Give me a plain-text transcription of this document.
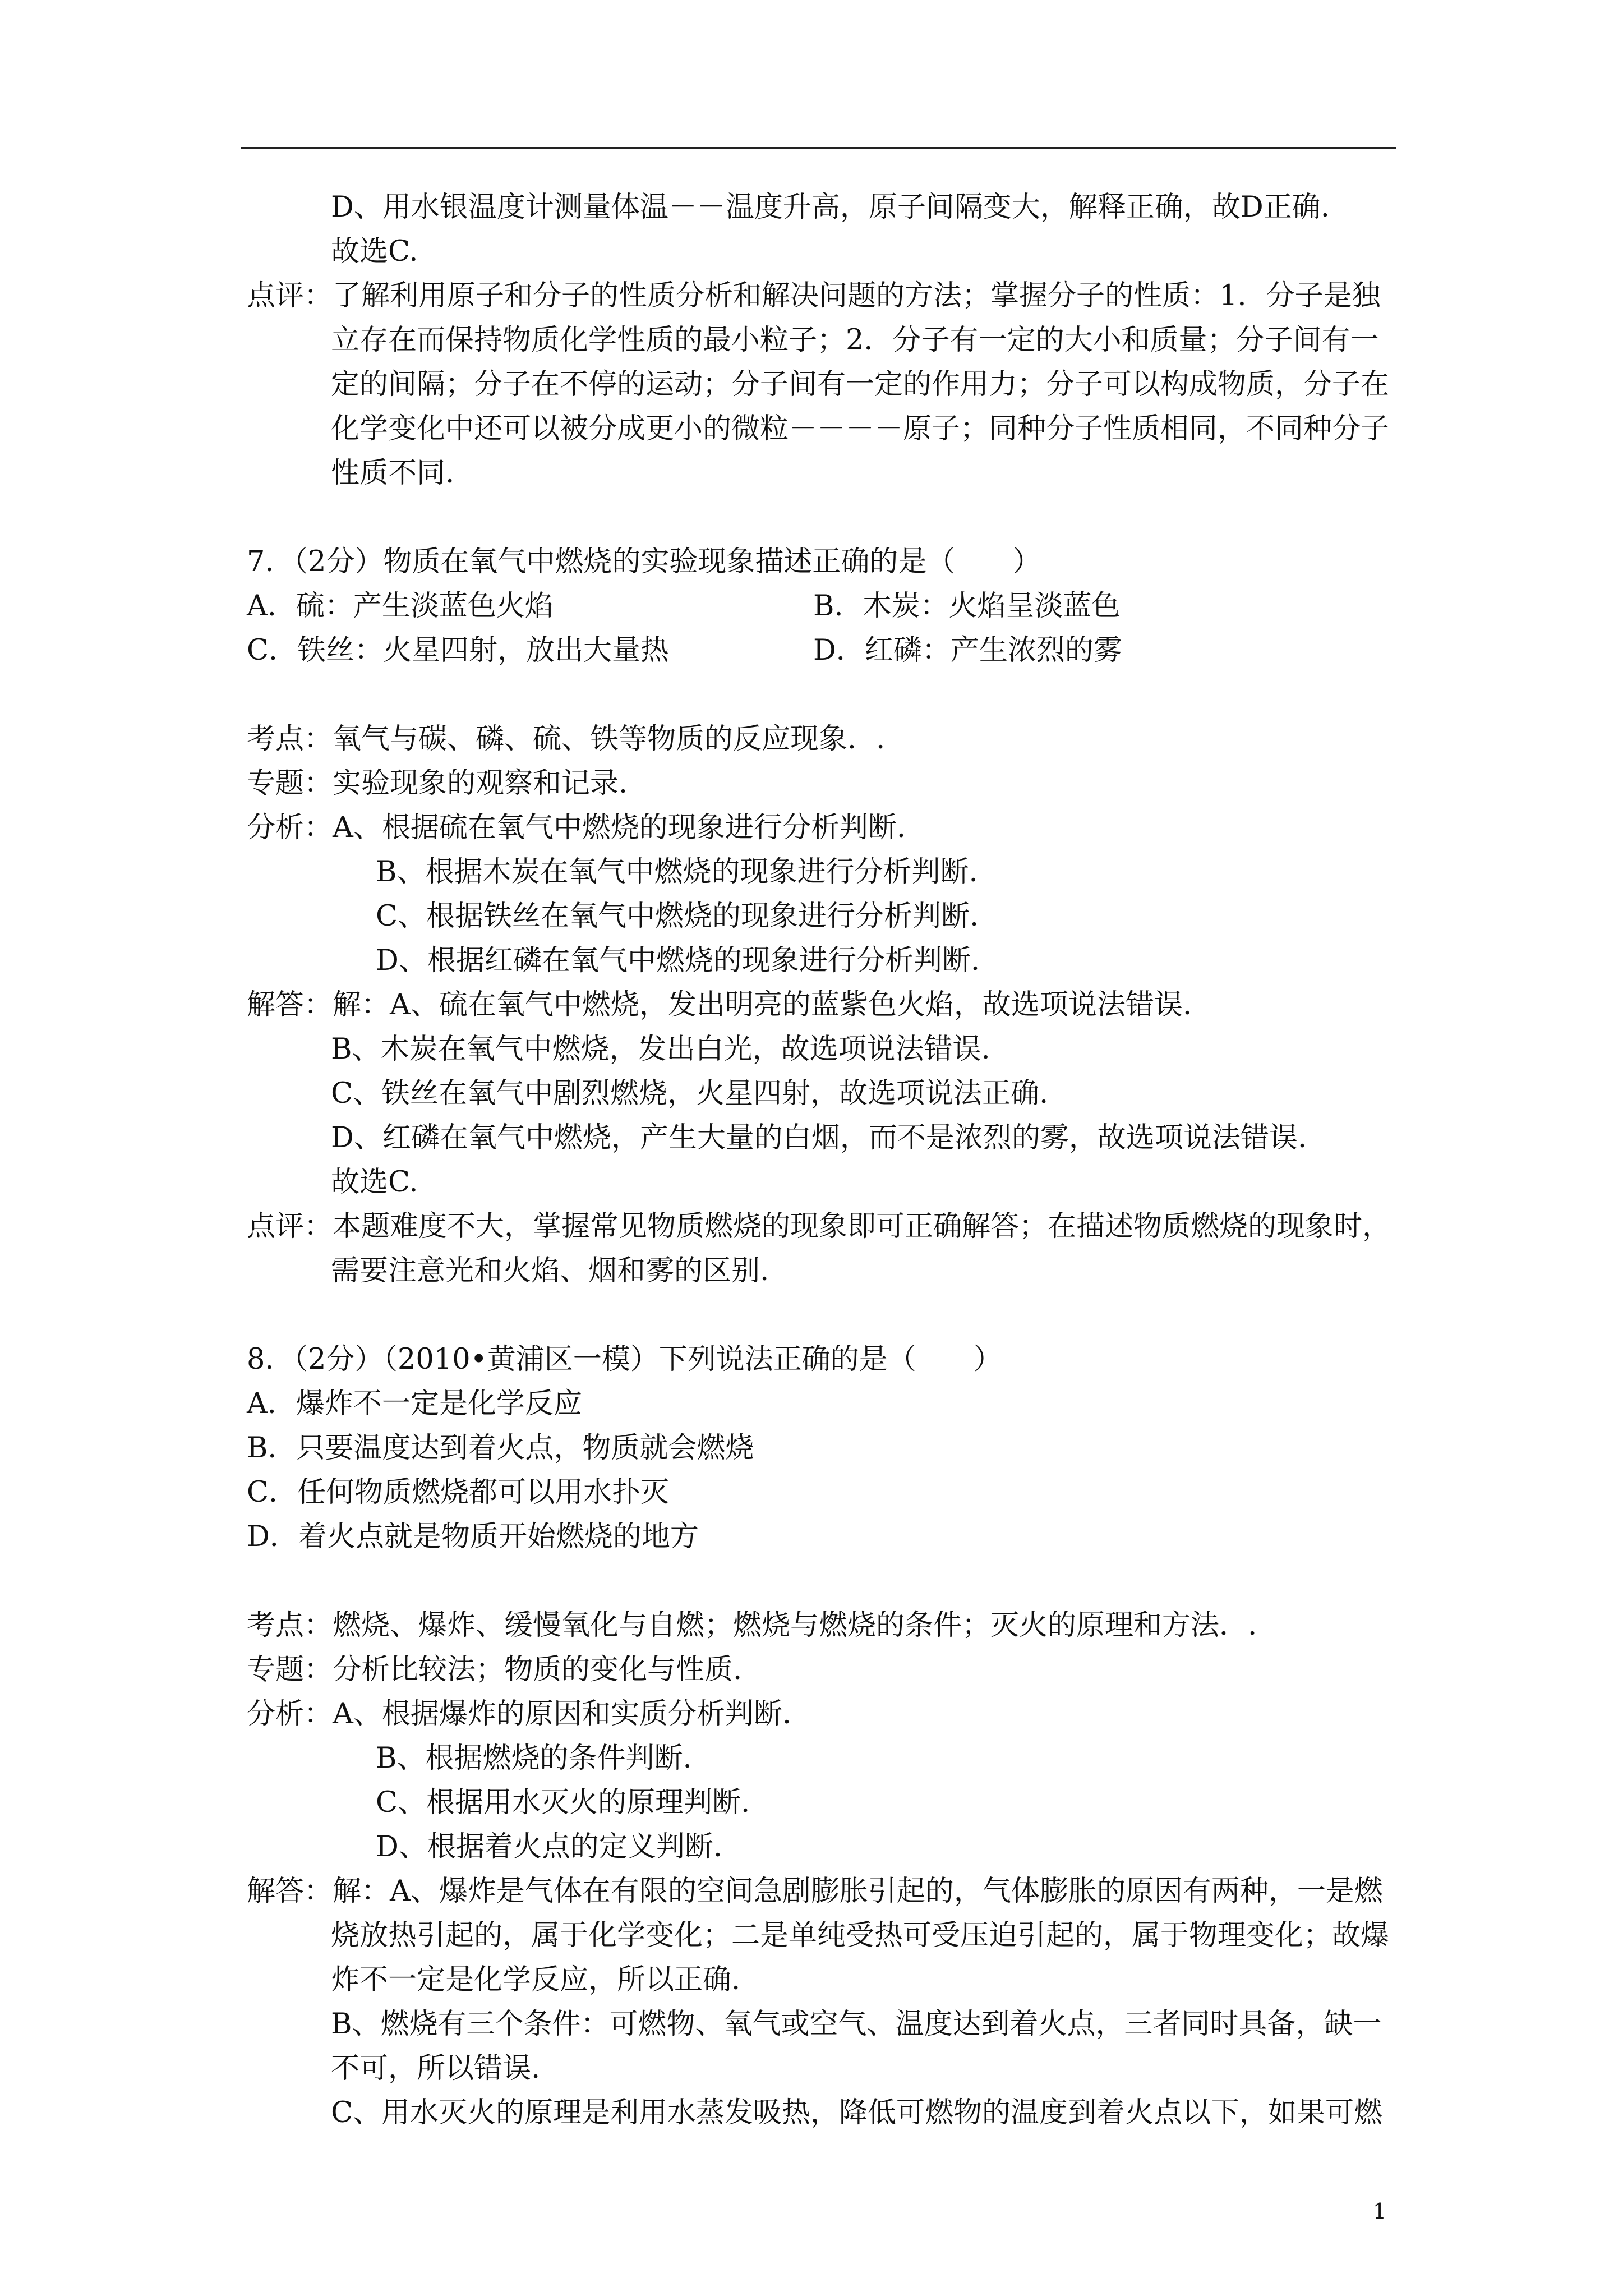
D、用水银温度计测量体温－－温度升高，原子间隔变大，解释正确，故D正确.

故选C.

点评：了解利用原子和分子的性质分析和解决问题的方法；掌握分子的性质：1．分子是独立存在而保持物质化学性质的最小粒子；2．分子有一定的大小和质量；分子间有一定的间隔；分子在不停的运动；分子间有一定的作用力；分子可以构成物质，分子在化学变化中还可以被分成更小的微粒－－－－原子；同种分子性质相同，不同种分子性质不同.

7．（2分）物质在氧气中燃烧的实验现象描述正确的是（　　）

A．硫：产生淡蓝色火焰	B．木炭：火焰呈淡蓝色
C．铁丝：火星四射，放出大量热	D．红磷：产生浓烈的雾

考点：氧气与碳、磷、硫、铁等物质的反应现象．.

专题：实验现象的观察和记录.

分析：A、根据硫在氧气中燃烧的现象进行分析判断.

B、根据木炭在氧气中燃烧的现象进行分析判断.

C、根据铁丝在氧气中燃烧的现象进行分析判断.

D、根据红磷在氧气中燃烧的现象进行分析判断.

解答：解：A、硫在氧气中燃烧，发出明亮的蓝紫色火焰，故选项说法错误.

B、木炭在氧气中燃烧，发出白光，故选项说法错误.

C、铁丝在氧气中剧烈燃烧，火星四射，故选项说法正确.

D、红磷在氧气中燃烧，产生大量的白烟，而不是浓烈的雾，故选项说法错误.

故选C.

点评：本题难度不大，掌握常见物质燃烧的现象即可正确解答；在描述物质燃烧的现象时，需要注意光和火焰、烟和雾的区别.

8．（2分）（2010•黄浦区一模）下列说法正确的是（　　）

A．爆炸不一定是化学反应

B．只要温度达到着火点，物质就会燃烧

C．任何物质燃烧都可以用水扑灭

D．着火点就是物质开始燃烧的地方

考点：燃烧、爆炸、缓慢氧化与自燃；燃烧与燃烧的条件；灭火的原理和方法．.

专题：分析比较法；物质的变化与性质.

分析：A、根据爆炸的原因和实质分析判断.

B、根据燃烧的条件判断.

C、根据用水灭火的原理判断.

D、根据着火点的定义判断.

解答：解：A、爆炸是气体在有限的空间急剧膨胀引起的，气体膨胀的原因有两种，一是燃烧放热引起的，属于化学变化；二是单纯受热可受压迫引起的，属于物理变化；故爆炸不一定是化学反应，所以正确.

B、燃烧有三个条件：可燃物、氧气或空气、温度达到着火点，三者同时具备，缺一不可，所以错误.

C、用水灭火的原理是利用水蒸发吸热，降低可燃物的温度到着火点以下，如果可燃

1
